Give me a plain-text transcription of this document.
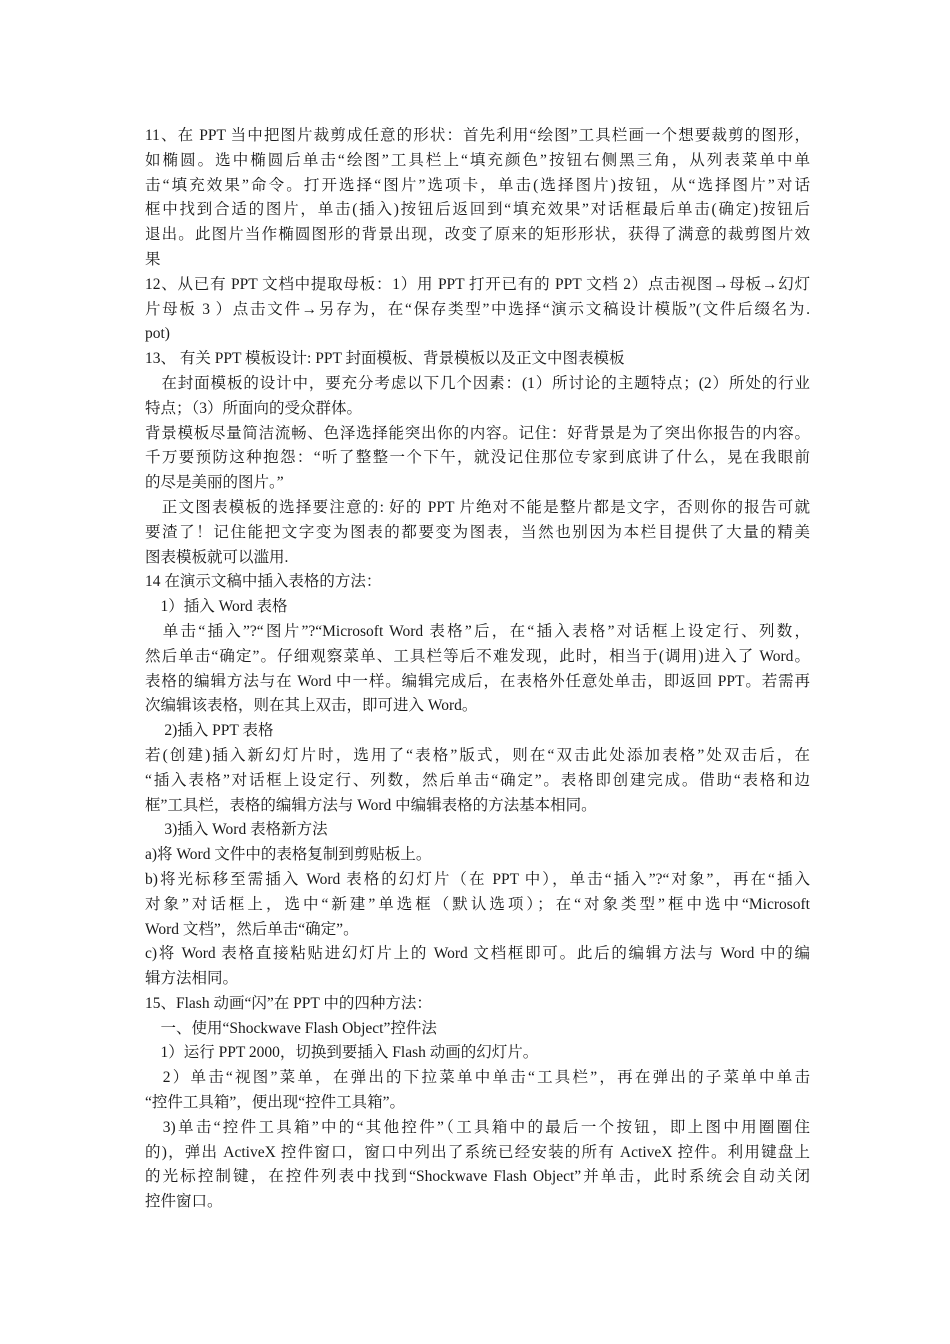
11、在 PPT 当中把图片裁剪成任意的形状：首先利用“绘图”工具栏画一个想要裁剪的图形，
如椭圆。选中椭圆后单击“绘图”工具栏上“填充颜色”按钮右侧黑三角，从列表菜单中单
击“填充效果”命令。打开选择“图片”选项卡，单击(选择图片)按钮，从“选择图片”对话
框中找到合适的图片，单击(插入)按钮后返回到“填充效果”对话框最后单击(确定)按钮后
退出。此图片当作椭圆图形的背景出现，改变了原来的矩形形状，获得了满意的裁剪图片效
果
12、从已有 PPT 文档中提取母板：1）用 PPT 打开已有的 PPT 文档 2）点击视图→母板→幻灯
片母板 3 ）点击文件→另存为，在“保存类型”中选择“演示文稿设计模版”(文件后缀名为.
pot)
13、 有关 PPT 模板设计: PPT 封面模板、背景模板以及正文中图表模板
　在封面模板的设计中，要充分考虑以下几个因素：(1）所讨论的主题特点；(2）所处的行业
特点；（3）所面向的受众群体。
背景模板尽量简洁流畅、色泽选择能突出你的内容。记住：好背景是为了突出你报告的内容。
千万要预防这种抱怨：“听了整整一个下午，就没记住那位专家到底讲了什么，晃在我眼前
的尽是美丽的图片。”
　正文图表模板的选择要注意的: 好的 PPT 片绝对不能是整片都是文字，否则你的报告可就
要渣了！记住能把文字变为图表的都要变为图表，当然也别因为本栏目提供了大量的精美
图表模板就可以滥用.
14 在演示文稿中插入表格的方法：
　1）插入 Word 表格
　单击“插入”?“图片”?“Microsoft Word 表格”后，在“插入表格”对话框上设定行、列数，
然后单击“确定”。仔细观察菜单、工具栏等后不难发现，此时，相当于(调用)进入了 Word。
表格的编辑方法与在 Word 中一样。编辑完成后，在表格外任意处单击，即返回 PPT。若需再
次编辑该表格，则在其上双击，即可进入 Word。
　 2)插入 PPT 表格
若(创建)插入新幻灯片时，选用了“表格”版式，则在“双击此处添加表格”处双击后，在
“插入表格”对话框上设定行、列数，然后单击“确定”。表格即创建完成。借助“表格和边
框”工具栏，表格的编辑方法与 Word 中编辑表格的方法基本相同。
　 3)插入 Word 表格新方法
a)将 Word 文件中的表格复制到剪贴板上。
b)将光标移至需插入 Word 表格的幻灯片（在 PPT 中），单击“插入”?“对象”，再在“插入
对象”对话框上，选中“新建”单选框（默认选项）；在“对象类型”框中选中“Microsoft
Word 文档”，然后单击“确定”。
c)将 Word 表格直接粘贴进幻灯片上的 Word 文档框即可。此后的编辑方法与 Word 中的编
辑方法相同。
15、Flash 动画“闪”在 PPT 中的四种方法：
　一、使用“Shockwave Flash Object”控件法
　1）运行 PPT 2000，切换到要插入 Flash 动画的幻灯片。
　2）单击“视图”菜单，在弹出的下拉菜单中单击“工具栏”，再在弹出的子菜单中单击
“控件工具箱”，便出现“控件工具箱”。
　3)单击“控件工具箱”中的“其他控件”（工具箱中的最后一个按钮，即上图中用圈圈住
的)，弹出 ActiveX 控件窗口，窗口中列出了系统已经安装的所有 ActiveX 控件。利用键盘上
的光标控制键，在控件列表中找到“Shockwave Flash Object”并单击，此时系统会自动关闭
控件窗口。
